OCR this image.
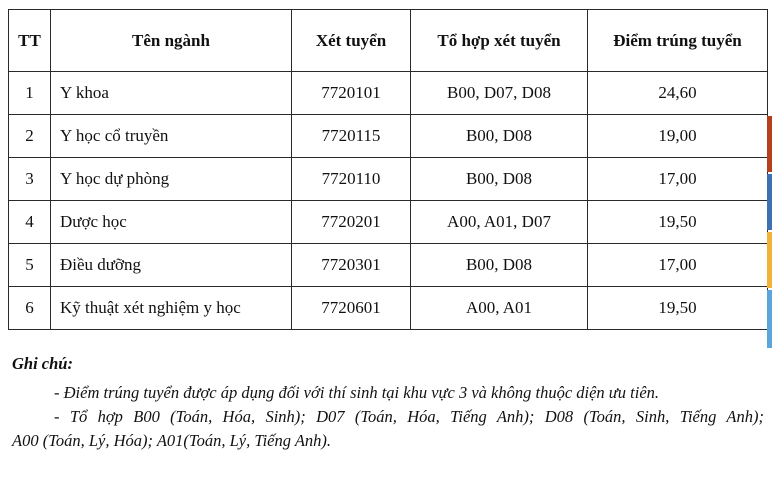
TT	Tên ngành	Xét tuyển	Tổ hợp xét tuyển	Điểm trúng tuyển
1	Y khoa	7720101	B00, D07, D08	24,60
2	Y học cổ truyền	7720115	B00, D08	19,00
3	Y học dự phòng	7720110	B00, D08	17,00
4	Dược học	7720201	A00, A01, D07	19,50
5	Điều dưỡng	7720301	B00, D08	17,00
6	Kỹ thuật xét nghiệm y học	7720601	A00, A01	19,50
Ghi chú:

- Điểm trúng tuyển được áp dụng đối với thí sinh tại khu vực 3 và không thuộc diện ưu tiên.

- Tổ hợp B00 (Toán, Hóa, Sinh); D07 (Toán, Hóa, Tiếng Anh); D08 (Toán, Sinh, Tiếng Anh);

A00 (Toán, Lý, Hóa); A01(Toán, Lý, Tiếng Anh).
